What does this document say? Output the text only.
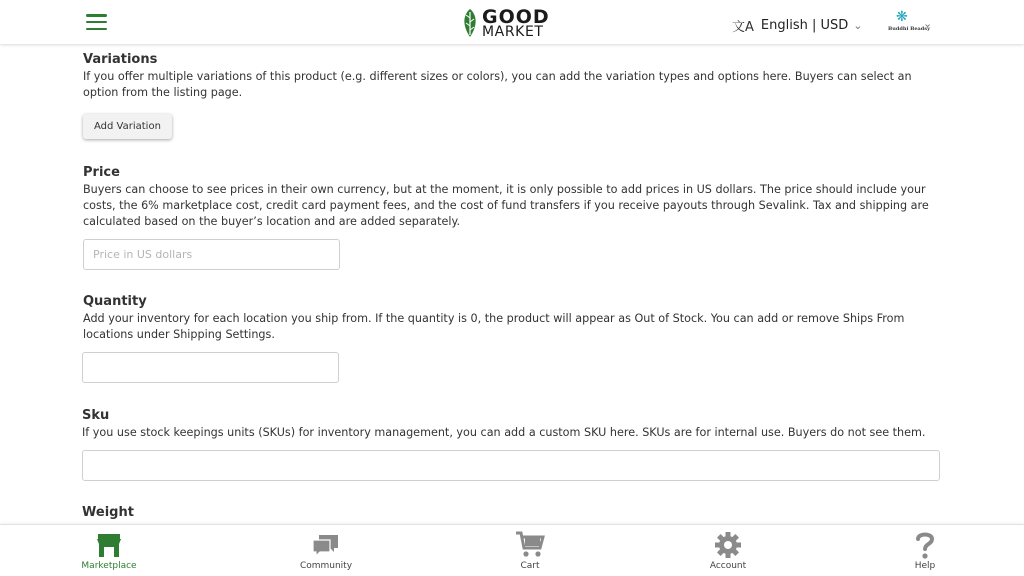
GOOD
MARKET	文A English | USD ⌄ ❋
Buddhi Beadsy
⌄
Variations
If you offer multiple variations of this product (e.g. different sizes or colors), you can add the variation types and options here. Buyers can select an option from the listing page.
Add Variation
Price
Buyers can choose to see prices in their own currency, but at the moment, it is only possible to add prices in US dollars. The price should include your costs, the 6% marketplace cost, credit card payment fees, and the cost of fund transfers if you receive payouts through Sevalink. Tax and shipping are calculated based on the buyer’s location and are added separately.
Price in US dollars
Quantity
Add your inventory for each location you ship from. If the quantity is 0, the product will appear as Out of Stock. You can add or remove Ships From locations under Shipping Settings.
Sku
If you use stock keepings units (SKUs) for inventory management, you can add a custom SKU here. SKUs are for internal use. Buyers do not see them.
Weight
Marketplace	Community	Cart	Account	Help
